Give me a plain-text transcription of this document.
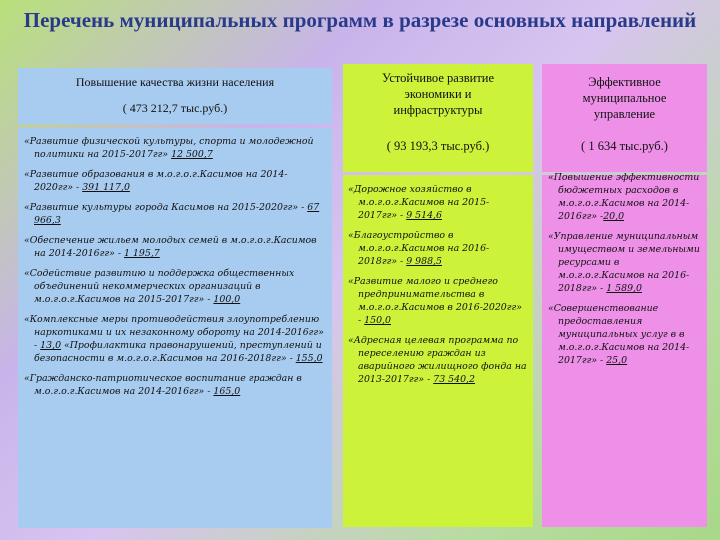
Перечень муниципальных программ в разрезе основных направлений
Повышение качества жизни населения
( 473 212,7 тыс.руб.)
«Развитие физической культуры, спорта и молодежной политики на 2015-2017гг» 12 500,7
«Развитие образования в м.о.г.о.г.Касимов на 2014-2020гг» - 391 117,0
«Развитие культуры города Касимов на 2015-2020гг» - 67 966,3
«Обеспечение жильем молодых семей в м.о.г.о.г.Касимов на 2014-2016гг» - 1 195,7
«Содействие развитию и поддержка общественных объединений некоммерческих организаций в м.о.г.о.г.Касимов на 2015-2017гг» - 100,0
«Комплексные меры противодействия злоупотреблению наркотиками и их незаконному обороту на 2014-2016гг» - 13,0 «Профилактика правонарушений, преступлений и безопасности в м.о.г.о.г.Касимов на 2016-2018гг» - 155,0
«Гражданско-патриотическое воспитание граждан в м.о.г.о.г.Касимов на 2014-2016гг» - 165,0
Устойчивое развитие экономики и инфраструктуры
( 93 193,3 тыс.руб.)
«Дорожное хозяйство в м.о.г.о.г.Касимов на 2015-2017гг» - 9 514,6
«Благоустройство в м.о.г.о.г.Касимов на 2016-2018гг» - 9 988,5
«Развитие малого и среднего предпринимательства в м.о.г.о.г.Касимов в 2016-2020гг» - 150,0
«Адресная целевая программа по переселению граждан из аварийного жилищного фонда на 2013-2017гг» - 73 540,2
Эффективное муниципальное управление
( 1 634 тыс.руб.)
«Повышение эффективности бюджетных расходов в м.о.г.о.г.Касимов на 2014-2016гг» -20,0
«Управление муниципальным имуществом и земельными ресурсами в м.о.г.о.г.Касимов на 2016-2018гг» - 1 589,0
«Совершенствование предоставления муниципальных услуг в в м.о.г.о.г.Касимов на 2014-2017гг» - 25,0
